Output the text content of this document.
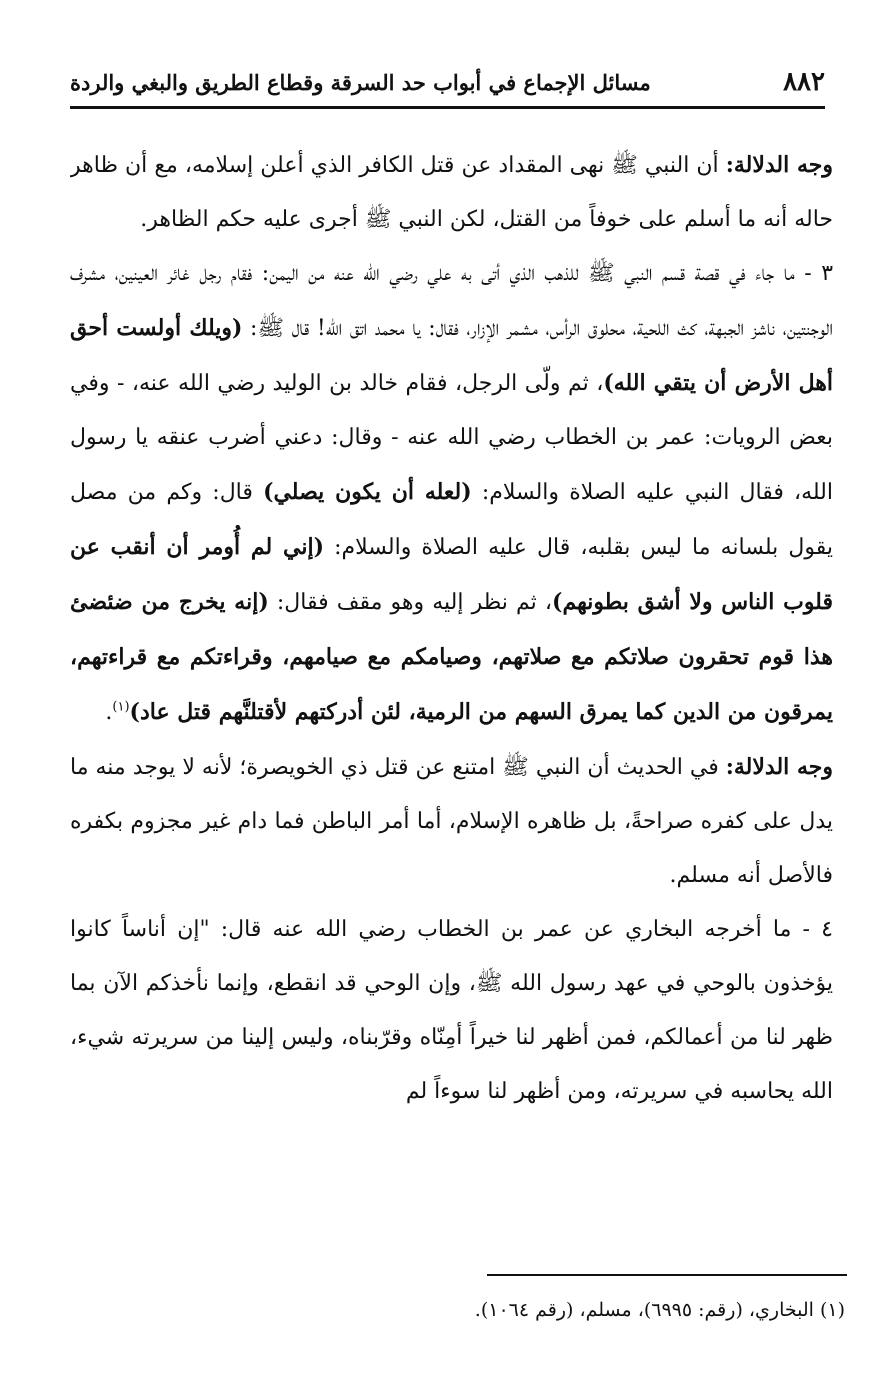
٨٨٢
مسائل الإجماع في أبواب حد السرقة وقطاع الطريق والبغي والردة

وجه الدلالة: أن النبي ﷺ نهى المقداد عن قتل الكافر الذي أعلن إسلامه، مع أن ظاهر حاله أنه ما أسلم على خوفاً من القتل، لكن النبي ﷺ أجرى عليه حكم الظاهر.

٣ - ما جاء في قصة قسم النبي ﷺ للذهب الذي أتى به علي رضي الله عنه من اليمن: فقام رجل غائر العينين، مشرف الوجنتين، ناشز الجبهة، كث اللحية، محلوق الرأس، مشمر الإزار، فقال: يا محمد اتق الله! قال ﷺ: (ويلك أولست أحق أهل الأرض أن يتقي الله)، ثم ولّى الرجل، فقام خالد بن الوليد رضي الله عنه، - وفي بعض الرويات: عمر بن الخطاب رضي الله عنه - وقال: دعني أضرب عنقه يا رسول الله، فقال النبي عليه الصلاة والسلام: (لعله أن يكون يصلي) قال: وكم من مصل يقول بلسانه ما ليس بقلبه، قال عليه الصلاة والسلام: (إني لم أُومر أن أنقب عن قلوب الناس ولا أشق بطونهم)، ثم نظر إليه وهو مقف فقال: (إنه يخرج من ضئضئ هذا قوم تحقرون صلاتكم مع صلاتهم، وصيامكم مع صيامهم، وقراءتكم مع قراءتهم، يمرقون من الدين كما يمرق السهم من الرمية، لئن أدركتهم لأقتلنَّهم قتل عاد)$^{(١)}$.

وجه الدلالة: في الحديث أن النبي ﷺ امتنع عن قتل ذي الخويصرة؛ لأنه لا يوجد منه ما يدل على كفره صراحةً، بل ظاهره الإسلام، أما أمر الباطن فما دام غير مجزوم بكفره فالأصل أنه مسلم.

٤ - ما أخرجه البخاري عن عمر بن الخطاب رضي الله عنه قال: "إن أناساً كانوا يؤخذون بالوحي في عهد رسول الله ﷺ، وإن الوحي قد انقطع، وإنما نأخذكم الآن بما ظهر لنا من أعمالكم، فمن أظهر لنا خيراً أمِنّاه وقرّبناه، وليس إلينا من سريرته شيء، الله يحاسبه في سريرته، ومن أظهر لنا سوءاً لم

(١)البخاري، (رقم: ٦٩٩٥)، مسلم، (رقم ١٠٦٤).
